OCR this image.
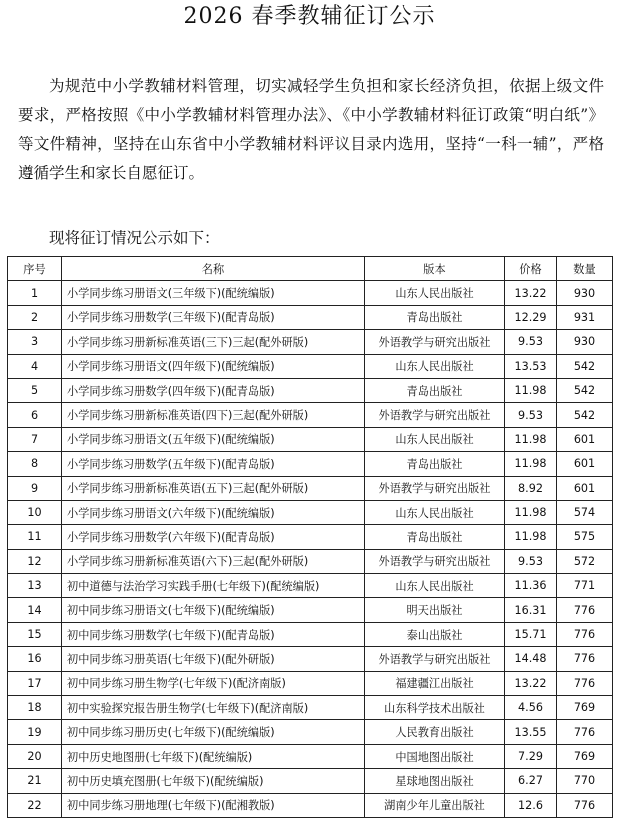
2026 春季教辅征订公示

为规范中小学教辅材料管理，切实减轻学生负担和家长经济负担，依据上级文件要求，严格按照《中小学教辅材料管理办法》、《中小学教辅材料征订政策“明白纸”》等文件精神，坚持在山东省中小学教辅材料评议目录内选用，坚持“一科一辅”，严格遵循学生和家长自愿征订。

现将征订情况公示如下：

序号	名称	版本	价格	数量
1	小学同步练习册语文(三年级下)(配统编版)	山东人民出版社	13.22	930
2	小学同步练习册数学(三年级下)(配青岛版)	青岛出版社	12.29	931
3	小学同步练习册新标准英语(三下)三起(配外研版)	外语教学与研究出版社	9.53	930
4	小学同步练习册语文(四年级下)(配统编版)	山东人民出版社	13.53	542
5	小学同步练习册数学(四年级下)(配青岛版)	青岛出版社	11.98	542
6	小学同步练习册新标准英语(四下)三起(配外研版)	外语教学与研究出版社	9.53	542
7	小学同步练习册语文(五年级下)(配统编版)	山东人民出版社	11.98	601
8	小学同步练习册数学(五年级下)(配青岛版)	青岛出版社	11.98	601
9	小学同步练习册新标准英语(五下)三起(配外研版)	外语教学与研究出版社	8.92	601
10	小学同步练习册语文(六年级下)(配统编版)	山东人民出版社	11.98	574
11	小学同步练习册数学(六年级下)(配青岛版)	青岛出版社	11.98	575
12	小学同步练习册新标准英语(六下)三起(配外研版)	外语教学与研究出版社	9.53	572
13	初中道德与法治学习实践手册(七年级下)(配统编版)	山东人民出版社	11.36	771
14	初中同步练习册语文(七年级下)(配统编版)	明天出版社	16.31	776
15	初中同步练习册数学(七年级下)(配青岛版)	泰山出版社	15.71	776
16	初中同步练习册英语(七年级下)(配外研版)	外语教学与研究出版社	14.48	776
17	初中同步练习册生物学(七年级下)(配济南版)	福建疆江出版社	13.22	776
18	初中实验探究报告册生物学(七年级下)(配济南版)	山东科学技术出版社	4.56	769
19	初中同步练习册历史(七年级下)(配统编版)	人民教育出版社	13.55	776
20	初中历史地图册(七年级下)(配统编版)	中国地图出版社	7.29	769
21	初中历史填充图册(七年级下)(配统编版)	星球地图出版社	6.27	770
22	初中同步练习册地理(七年级下)(配湘教版)	湖南少年儿童出版社	12.6	776
